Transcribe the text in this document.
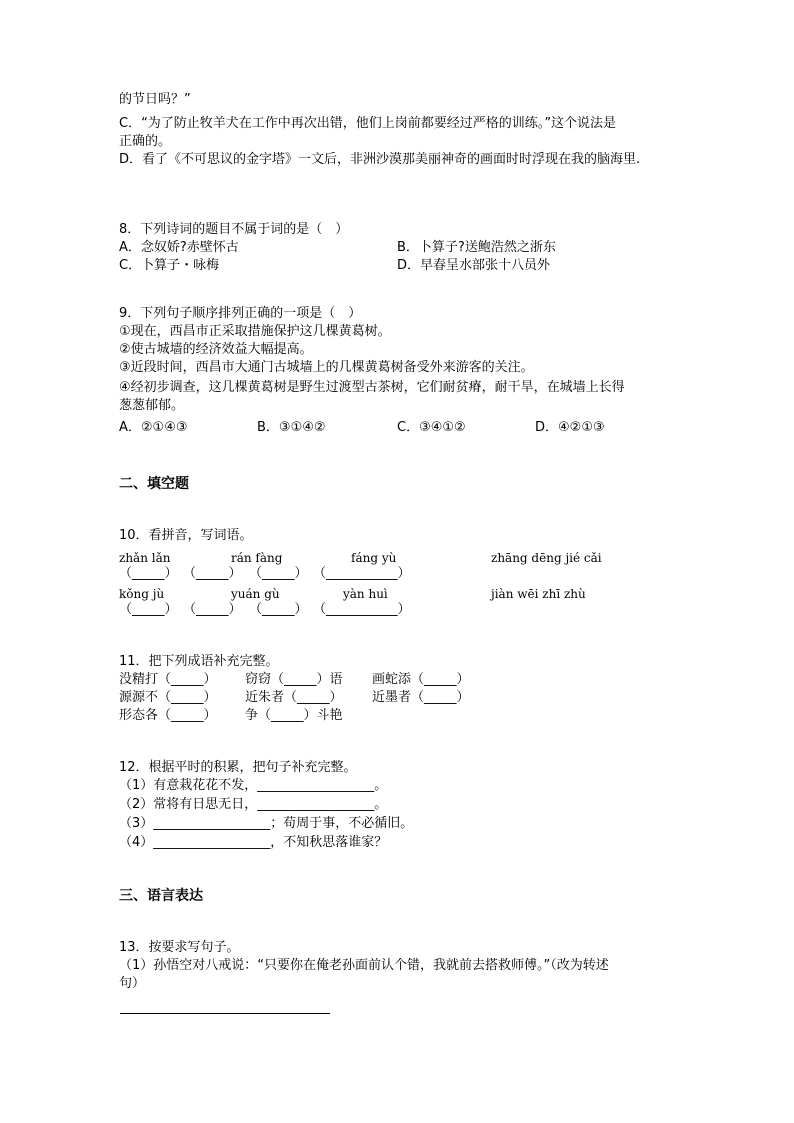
的节日吗？”
C．“为了防止牧羊犬在工作中再次出错，他们上岗前都要经过严格的训练。”这个说法是
正确的。
D．看了《不可思议的金字塔》一文后，非洲沙漠那美丽神奇的画面时时浮现在我的脑海里.
8．下列诗词的题目不属于词的是（　）
A．念奴娇?赤壁怀古	B．卜算子?送鲍浩然之浙东
C．卜算子・咏梅	D．早春呈水部张十八员外
9．下列句子顺序排列正确的一项是（　）
①现在，西昌市正采取措施保护这几棵黄葛树。
②使古城墙的经济效益大幅提高。
③近段时间，西昌市大通门古城墙上的几棵黄葛树备受外来游客的关注。
④经初步调查，这几棵黄葛树是野生过渡型古茶树，它们耐贫瘠，耐干旱，在城墙上长得
葱葱郁郁。
A．②①④③	B．③①④②	C．③④①②	D．④②①③
二、填空题
10．看拼音，写词语。
zhǎn lǎn	rán fàng	fáng yù	zhāng dēng jié cǎi
（_____） （_____） （_____） （___________）
kǒng jù	yuán gù	yàn huì	jiàn wēi zhī zhù
（_____） （_____） （_____） （___________）
11．把下列成语补充完整。
没精打（_____） 窃窃（_____）语 画蛇添（_____）
源源不（_____） 近朱者（_____） 近墨者（_____）
形态各（_____） 争（_____）斗艳
12．根据平时的积累，把句子补充完整。
（1）有意栽花花不发，__________________。
（2）常将有日思无日，__________________。
（3）__________________；苟周于事，不必循旧。
（4）__________________，不知秋思落谁家？
三、语言表达
13．按要求写句子。
（1）孙悟空对八戒说：“只要你在俺老孙面前认个错，我就前去搭救师傅。”（改为转述
句）
